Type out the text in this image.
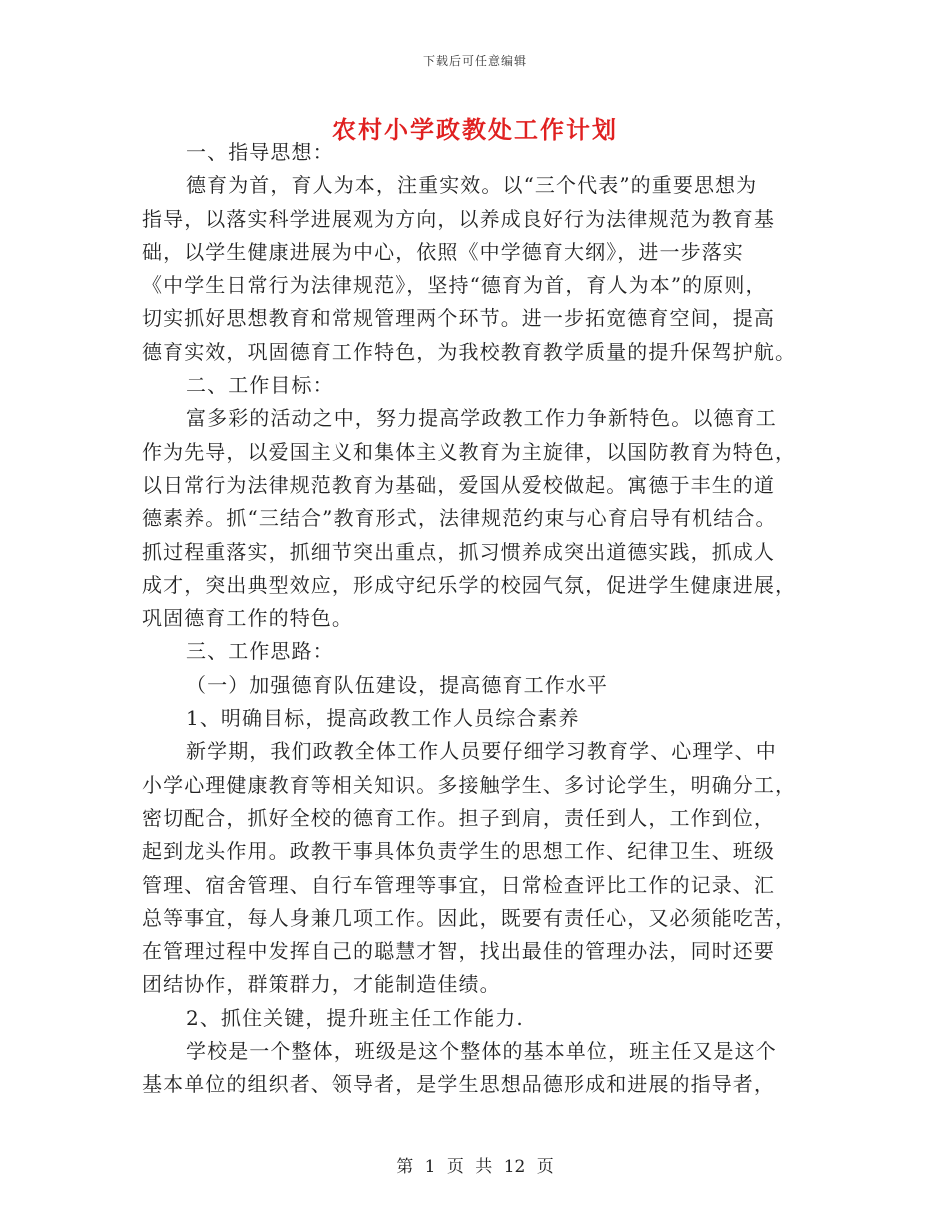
下载后可任意编辑
农村小学政教处工作计划
一、指导思想：
德育为首，育人为本，注重实效。以“三个代表”的重要思想为
指导，以落实科学进展观为方向，以养成良好行为法律规范为教育基
础，以学生健康进展为中心，依照《中学德育大纲》，进一步落实
《中学生日常行为法律规范》，坚持“德育为首，育人为本”的原则，
切实抓好思想教育和常规管理两个环节。进一步拓宽德育空间，提高
德育实效，巩固德育工作特色，为我校教育教学质量的提升保驾护航。
二、工作目标：
富多彩的活动之中，努力提高学政教工作力争新特色。以德育工
作为先导，以爱国主义和集体主义教育为主旋律，以国防教育为特色，
以日常行为法律规范教育为基础，爱国从爱校做起。寓德于丰生的道
德素养。抓“三结合”教育形式，法律规范约束与心育启导有机结合。
抓过程重落实，抓细节突出重点，抓习惯养成突出道德实践，抓成人
成才，突出典型效应，形成守纪乐学的校园气氛，促进学生健康进展，
巩固德育工作的特色。
三、工作思路：
（一）加强德育队伍建设，提高德育工作水平
1、明确目标，提高政教工作人员综合素养
新学期，我们政教全体工作人员要仔细学习教育学、心理学、中
小学心理健康教育等相关知识。多接触学生、多讨论学生，明确分工，
密切配合，抓好全校的德育工作。担子到肩，责任到人，工作到位，
起到龙头作用。政教干事具体负责学生的思想工作、纪律卫生、班级
管理、宿舍管理、自行车管理等事宜，日常检查评比工作的记录、汇
总等事宜，每人身兼几项工作。因此，既要有责任心，又必须能吃苦，
在管理过程中发挥自己的聪慧才智，找出最佳的管理办法，同时还要
团结协作，群策群力，才能制造佳绩。
2、抓住关键，提升班主任工作能力.
学校是一个整体，班级是这个整体的基本单位，班主任又是这个
基本单位的组织者、领导者，是学生思想品德形成和进展的指导者，
第 1 页 共 12 页
